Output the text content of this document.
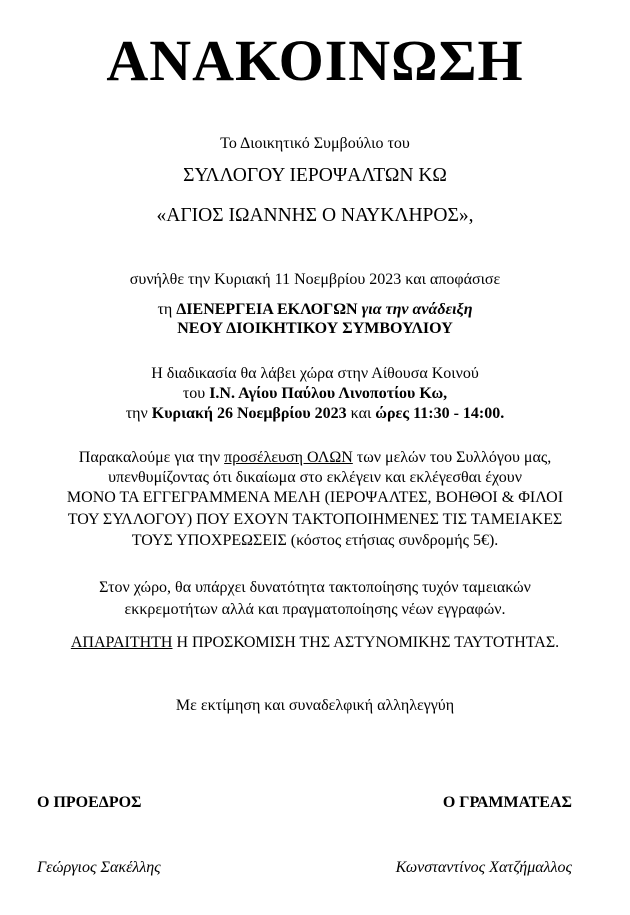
ΑΝΑΚΟΙΝΩΣΗ
Το Διοικητικό Συμβούλιο του
ΣΥΛΛΟΓΟΥ ΙΕΡΟΨΑΛΤΩΝ ΚΩ
«ΑΓΙΟΣ ΙΩΑΝΝΗΣ Ο ΝΑΥΚΛΗΡΟΣ»,
συνήλθε την Κυριακή 11 Νοεμβρίου 2023 και αποφάσισε
τη ΔΙΕΝΕΡΓΕΙΑ ΕΚΛΟΓΩΝ για την ανάδειξη
ΝΕΟΥ ΔΙΟΙΚΗΤΙΚΟΥ ΣΥΜΒΟΥΛΙΟΥ
Η διαδικασία θα λάβει χώρα στην Αίθουσα Κοινού
του Ι.Ν. Αγίου Παύλου Λινοποτίου Κω,
την Κυριακή 26 Νοεμβρίου 2023 και ώρες 11:30 - 14:00.
Παρακαλούμε για την προσέλευση ΟΛΩΝ των μελών του Συλλόγου μας,
υπενθυμίζοντας ότι δικαίωμα στο εκλέγειν και εκλέγεσθαι έχουν
ΜΟΝΟ ΤΑ ΕΓΓΕΓΡΑΜΜΕΝΑ ΜΕΛΗ (ΙΕΡΟΨΑΛΤΕΣ, ΒΟΗΘΟΙ & ΦΙΛΟΙ
ΤΟΥ ΣΥΛΛΟΓΟΥ) ΠΟΥ ΕΧΟΥΝ ΤΑΚΤΟΠΟΙΗΜΕΝΕΣ ΤΙΣ ΤΑΜΕΙΑΚΕΣ
ΤΟΥΣ ΥΠΟΧΡΕΩΣΕΙΣ (κόστος ετήσιας συνδρομής 5€).
Στον χώρο, θα υπάρχει δυνατότητα τακτοποίησης τυχόν ταμειακών
εκκρεμοτήτων αλλά και πραγματοποίησης νέων εγγραφών.
ΑΠΑΡΑΙΤΗΤΗ Η ΠΡΟΣΚΟΜΙΣΗ ΤΗΣ ΑΣΤΥΝΟΜΙΚΗΣ ΤΑΥΤΟΤΗΤΑΣ.
Με εκτίμηση και συναδελφική αλληλεγγύη
Ο ΠΡΟΕΔΡΟΣ	Ο ΓΡΑΜΜΑΤΕΑΣ
Γεώργιος Σακέλλης	Κωνσταντίνος Χατζήμαλλος
